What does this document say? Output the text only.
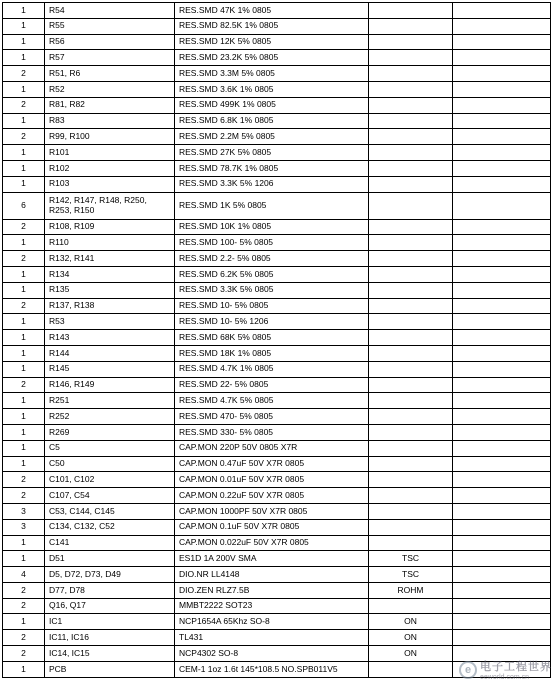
1	R54	RES.SMD 47K 1% 0805		
1	R55	RES.SMD 82.5K 1% 0805		
1	R56	RES.SMD 12K 5% 0805		
1	R57	RES.SMD 23.2K 5% 0805		
2	R51, R6	RES.SMD 3.3M 5% 0805		
1	R52	RES.SMD 3.6K 1% 0805		
2	R81, R82	RES.SMD 499K 1% 0805		
1	R83	RES.SMD 6.8K 1% 0805		
2	R99, R100	RES.SMD 2.2M 5% 0805		
1	R101	RES.SMD 27K 5% 0805		
1	R102	RES.SMD 78.7K 1% 0805		
1	R103	RES.SMD 3.3K 5% 1206		
6	R142, R147, R148, R250, R253, R150	RES.SMD 1K 5% 0805		
2	R108, R109	RES.SMD 10K 1% 0805		
1	R110	RES.SMD 100- 5% 0805		
2	R132, R141	RES.SMD 2.2- 5% 0805		
1	R134	RES.SMD 6.2K 5% 0805		
1	R135	RES.SMD 3.3K 5% 0805		
2	R137, R138	RES.SMD 10- 5% 0805		
1	R53	RES.SMD 10- 5% 1206		
1	R143	RES.SMD 68K 5% 0805		
1	R144	RES.SMD 18K 1% 0805		
1	R145	RES.SMD 4.7K 1% 0805		
2	R146, R149	RES.SMD 22- 5% 0805		
1	R251	RES.SMD 4.7K 5% 0805		
1	R252	RES.SMD 470- 5% 0805		
1	R269	RES.SMD 330- 5% 0805		
1	C5	CAP.MON 220P 50V 0805 X7R		
1	C50	CAP.MON 0.47uF 50V X7R 0805		
2	C101, C102	CAP.MON 0.01uF 50V X7R 0805		
2	C107, C54	CAP.MON 0.22uF 50V X7R 0805		
3	C53, C144, C145	CAP.MON 1000PF 50V X7R 0805		
3	C134, C132, C52	CAP.MON 0.1uF 50V X7R 0805		
1	C141	CAP.MON 0.022uF 50V X7R 0805		
1	D51	ES1D 1A 200V SMA	TSC	
4	D5, D72, D73, D49	DIO.NR LL4148	TSC	
2	D77, D78	DIO.ZEN RLZ7.5B	ROHM	
2	Q16, Q17	MMBT2222 SOT23		
1	IC1	NCP1654A 65Khz SO-8	ON	
2	IC11, IC16	TL431	ON	
2	IC14, IC15	NCP4302 SO-8	ON	
1	PCB	CEM-1 1oz 1.6t 145*108.5 NO.SPB011V5			e 电子工程世界
eeworld.com.cn
